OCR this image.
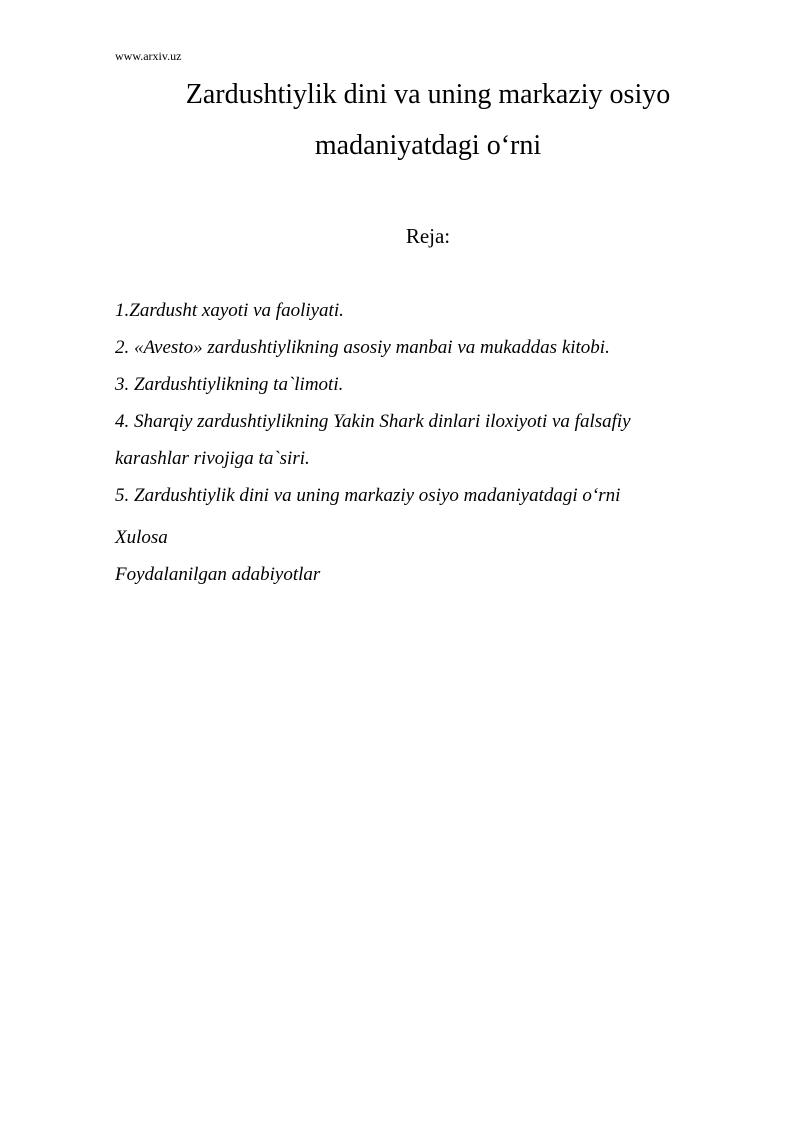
www.arxiv.uz
Zardushtiylik dini va uning markaziy osiyo
madaniyatdagi o‘rni
Reja:
1.Zardusht xayoti va faoliyati.
2. «Avesto» zardushtiylikning asosiy manbai va mukaddas kitobi.
3. Zardushtiylikning ta`limoti.
4. Sharqiy zardushtiylikning Yakin Shark dinlari iloxiyoti va falsafiy
karashlar rivojiga ta`siri.
5. Zardushtiylik dini va uning markaziy osiyo madaniyatdagi o‘rni
Xulosa
Foydalanilgan adabiyotlar
